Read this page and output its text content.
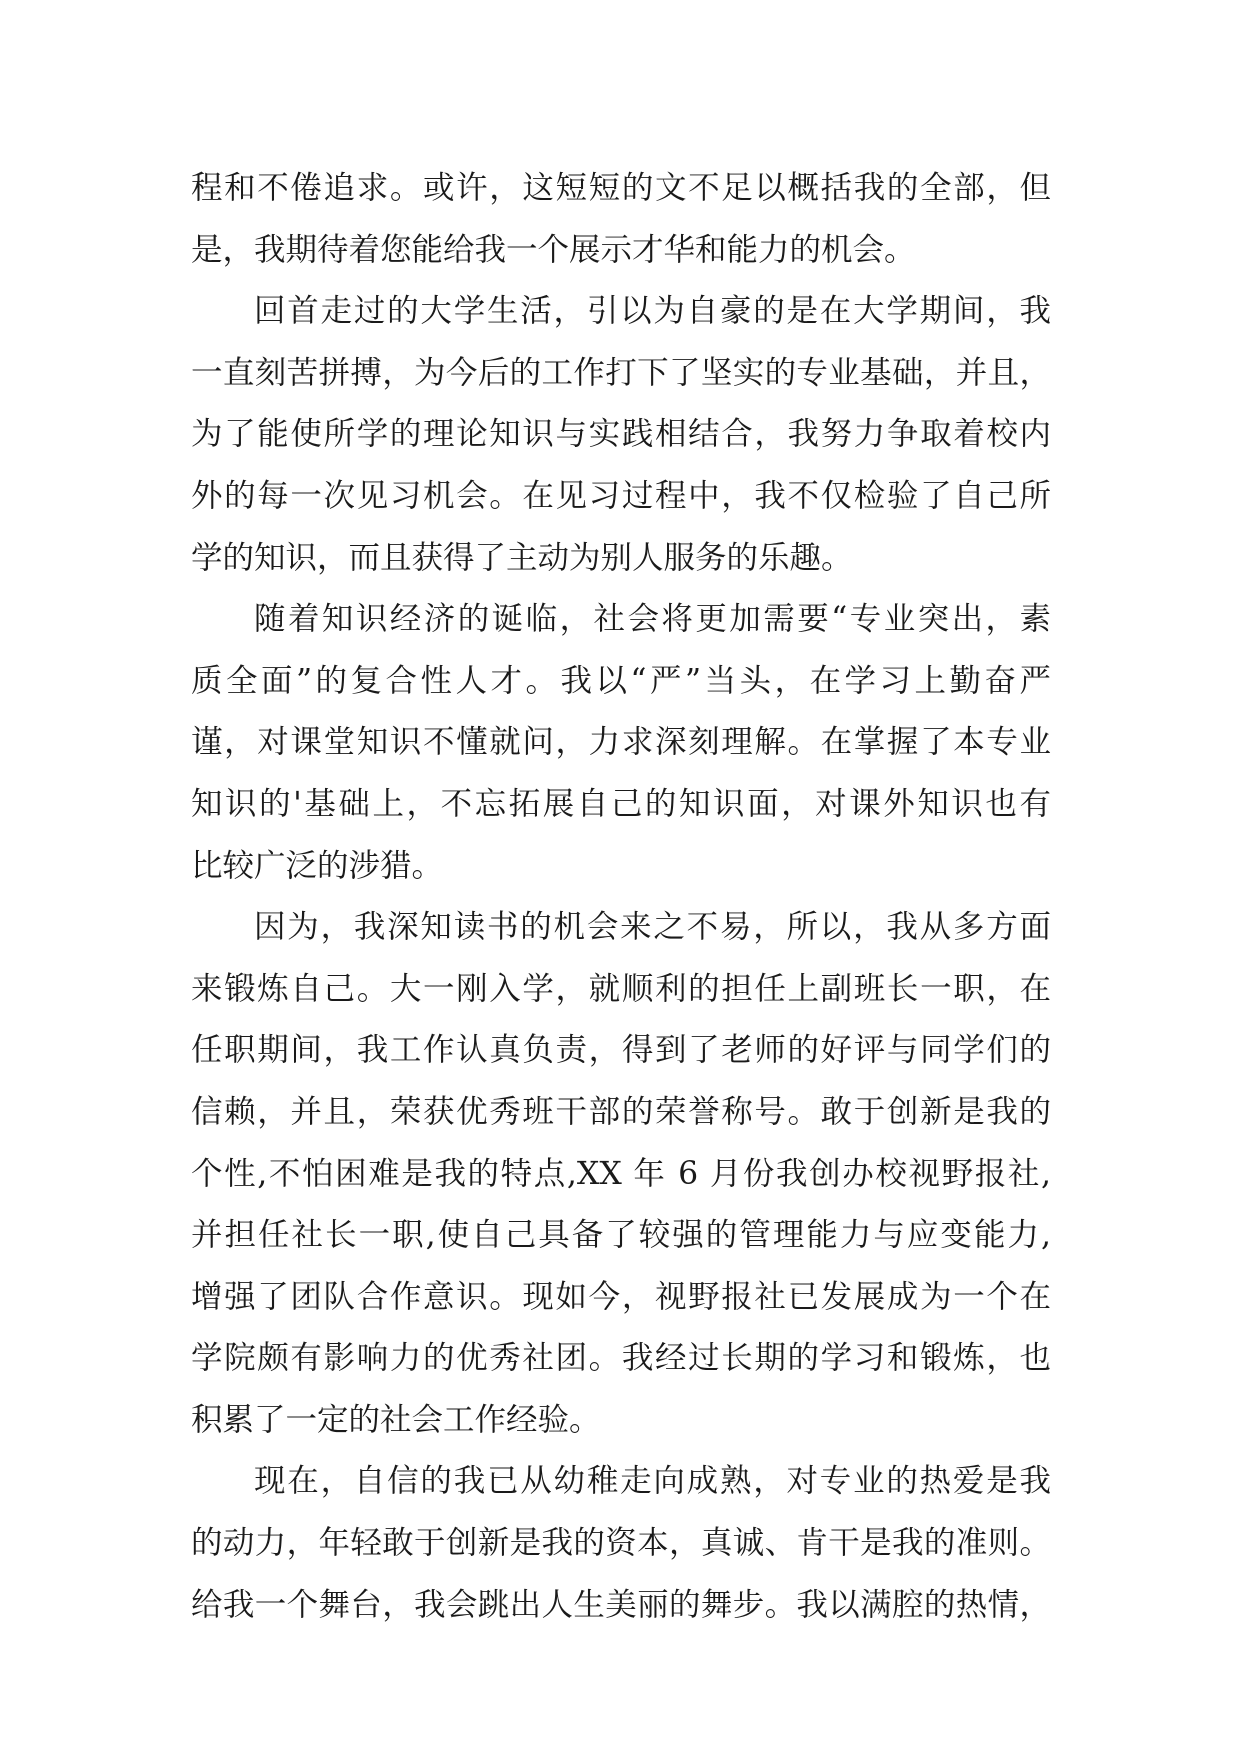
程和不倦追求。或许，这短短的文不足以概括我的全部，但
是，我期待着您能给我一个展示才华和能力的机会。
回首走过的大学生活，引以为自豪的是在大学期间，我
一直刻苦拼搏，为今后的工作打下了坚实的专业基础，并且，
为了能使所学的理论知识与实践相结合，我努力争取着校内
外的每一次见习机会。在见习过程中，我不仅检验了自己所
学的知识，而且获得了主动为别人服务的乐趣。
随着知识经济的诞临，社会将更加需要“专业突出，素
质全面”的复合性人才。我以“严”当头，在学习上勤奋严
谨，对课堂知识不懂就问，力求深刻理解。在掌握了本专业
知识的'基础上，不忘拓展自己的知识面，对课外知识也有
比较广泛的涉猎。
因为，我深知读书的机会来之不易，所以，我从多方面
来锻炼自己。大一刚入学，就顺利的担任上副班长一职，在
任职期间，我工作认真负责，得到了老师的好评与同学们的
信赖，并且，荣获优秀班干部的荣誉称号。敢于创新是我的
个性,不怕困难是我的特点,XX 年 6 月份我创办校视野报社,
并担任社长一职,使自己具备了较强的管理能力与应变能力,
增强了团队合作意识。现如今，视野报社已发展成为一个在
学院颇有影响力的优秀社团。我经过长期的学习和锻炼，也
积累了一定的社会工作经验。
现在，自信的我已从幼稚走向成熟，对专业的热爱是我
的动力，年轻敢于创新是我的资本，真诚、肯干是我的准则。
给我一个舞台，我会跳出人生美丽的舞步。我以满腔的热情，
